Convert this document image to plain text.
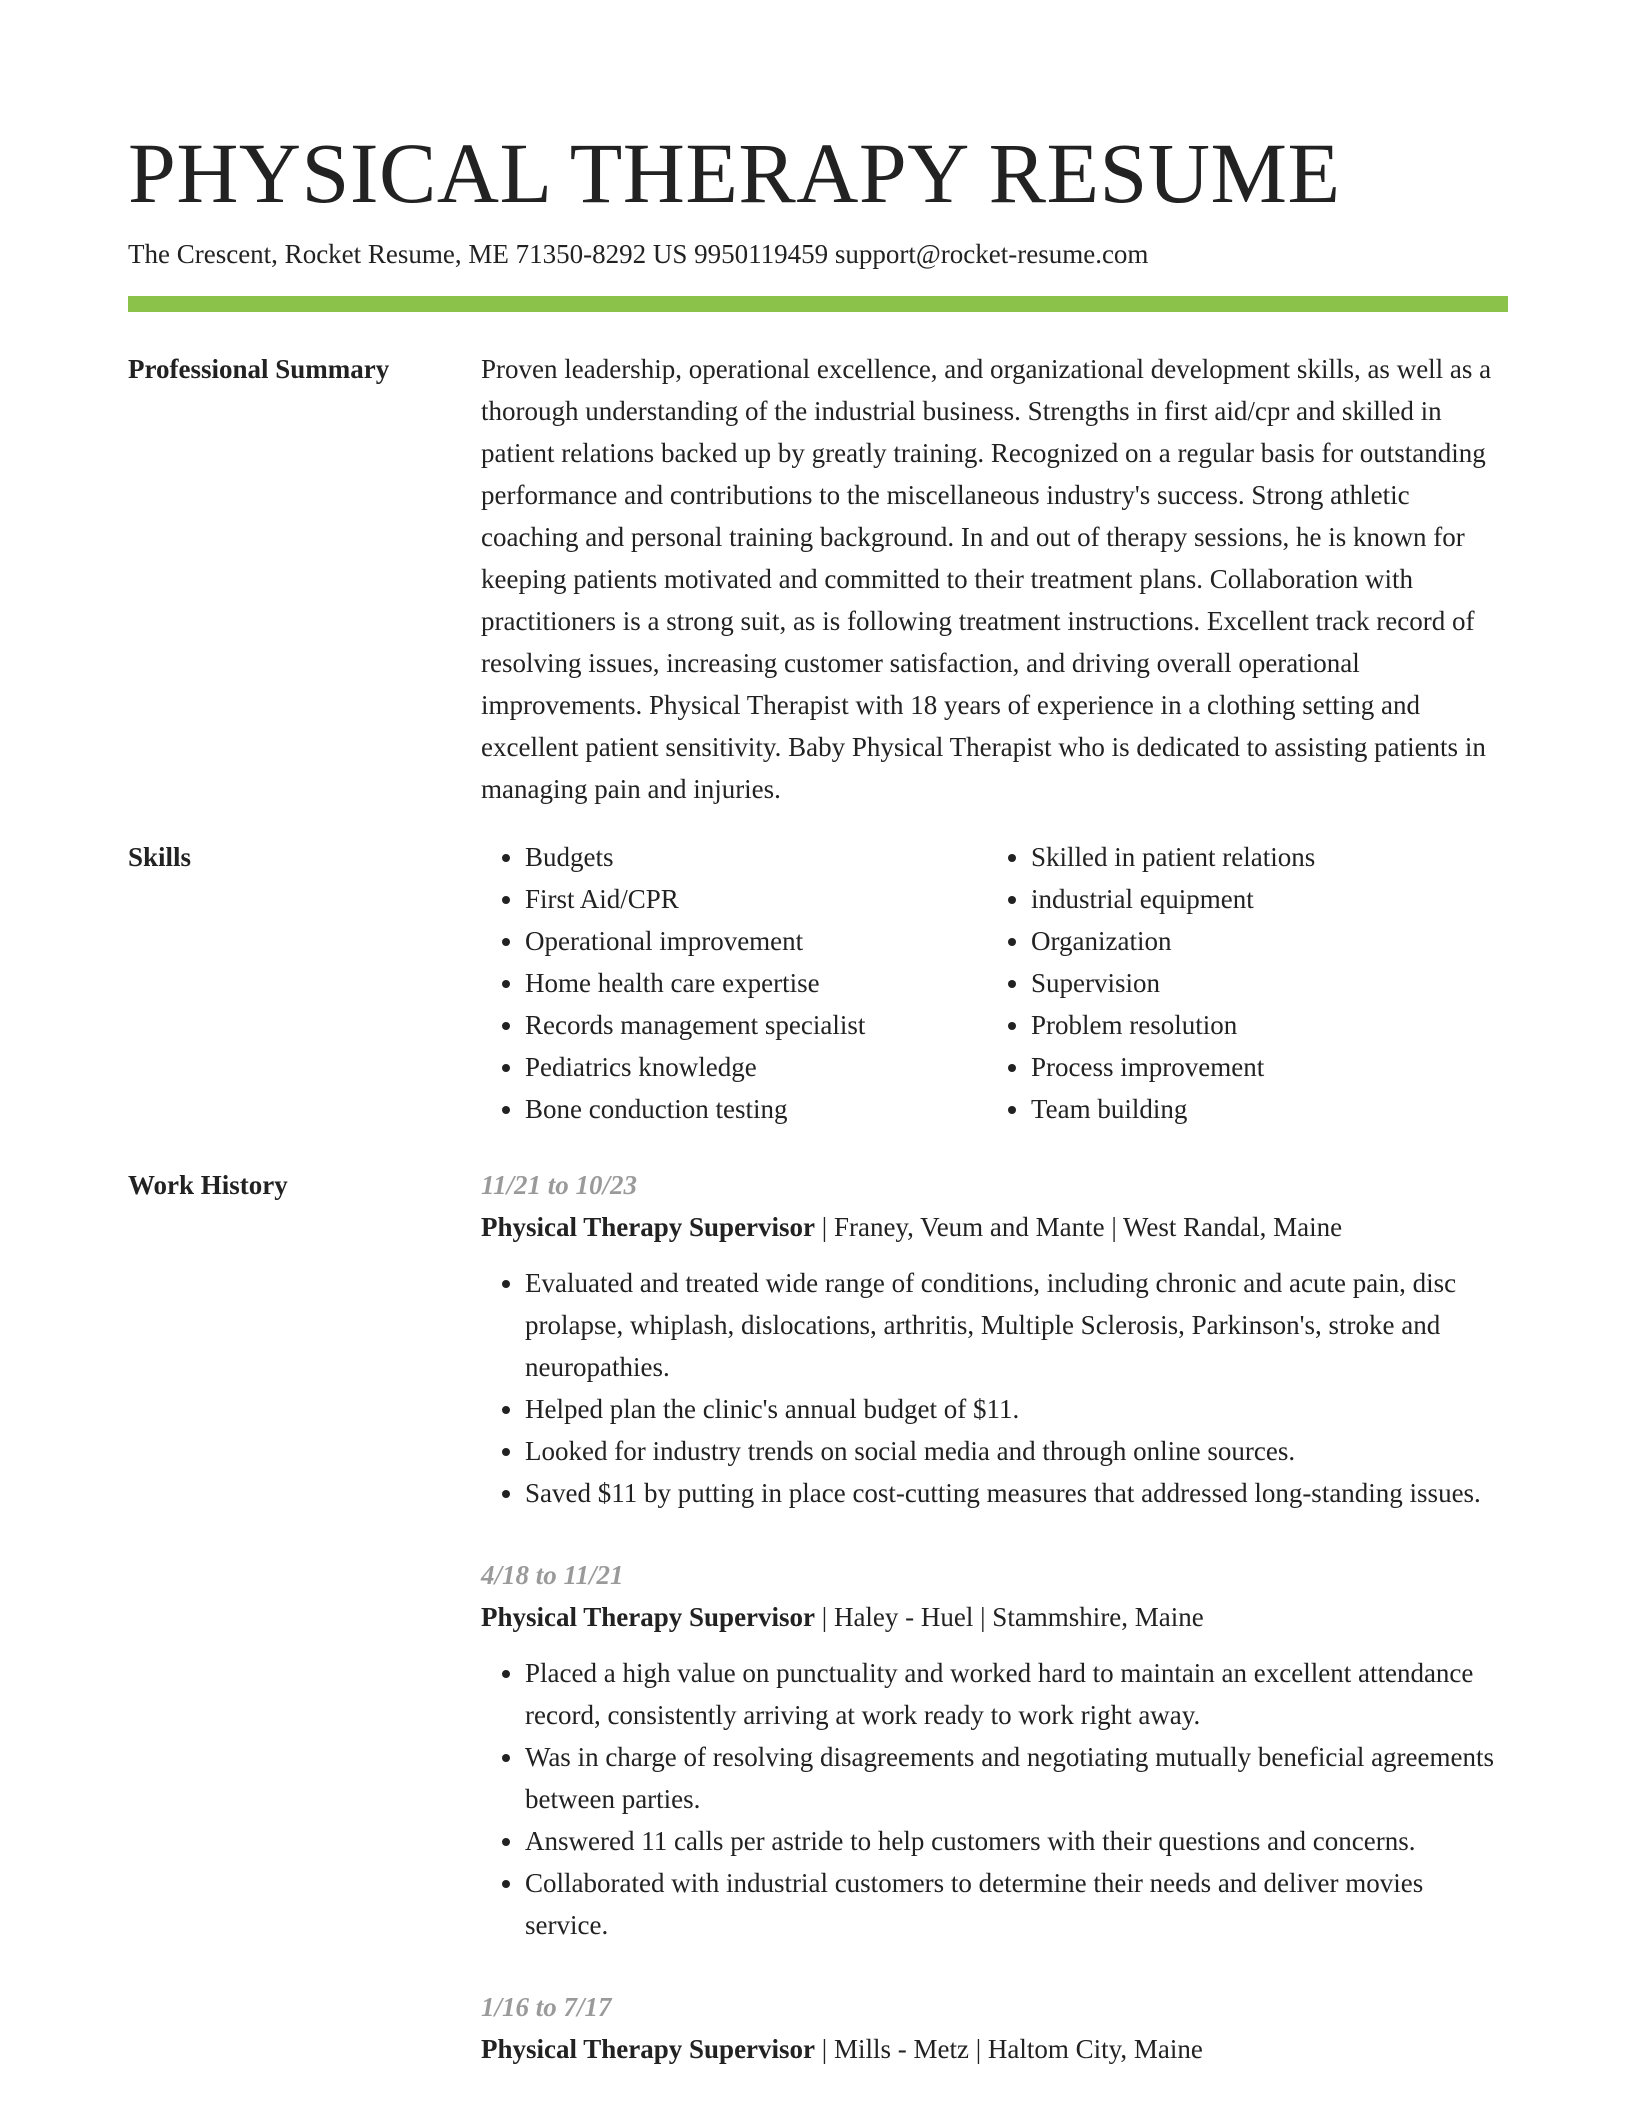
PHYSICAL THERAPY RESUME
The Crescent, Rocket Resume, ME 71350-8292 US 9950119459 support@rocket-resume.com
Professional Summary	Proven leadership, operational excellence, and organizational development skills, as well as a thorough understanding of the industrial business. Strengths in first aid/cpr and skilled in patient relations backed up by greatly training. Recognized on a regular basis for outstanding performance and contributions to the miscellaneous industry's success. Strong athletic coaching and personal training background. In and out of therapy sessions, he is known for keeping patients motivated and committed to their treatment plans. Collaboration with practitioners is a strong suit, as is following treatment instructions. Excellent track record of resolving issues, increasing customer satisfaction, and driving overall operational improvements. Physical Therapist with 18 years of experience in a clothing setting and excellent patient sensitivity. Baby Physical Therapist who is dedicated to assisting patients in managing pain and injuries.

Skills
•	Budgets
• First Aid/CPR
• Operational improvement
• Home health care expertise
• Records management specialist
• Pediatrics knowledge
• Bone conduction testing
• Skilled in patient relations
• industrial equipment
• Organization
• Supervision
• Problem resolution
• Process improvement
• Team building
Work History	11/21 to 10/23
Physical Therapy Supervisor | Franey, Veum and Mante | West Randal, Maine
• Evaluated and treated wide range of conditions, including chronic and acute pain, disc prolapse, whiplash, dislocations, arthritis, Multiple Sclerosis, Parkinson's, stroke and neuropathies.
• Helped plan the clinic's annual budget of $11.
• Looked for industry trends on social media and through online sources.
• Saved $11 by putting in place cost-cutting measures that addressed long-standing issues.
4/18 to 11/21
Physical Therapy Supervisor | Haley - Huel | Stammshire, Maine
• Placed a high value on punctuality and worked hard to maintain an excellent attendance record, consistently arriving at work ready to work right away.
• Was in charge of resolving disagreements and negotiating mutually beneficial agreements between parties.
• Answered 11 calls per astride to help customers with their questions and concerns.
• Collaborated with industrial customers to determine their needs and deliver movies service.
1/16 to 7/17
Physical Therapy Supervisor | Mills - Metz | Haltom City, Maine
